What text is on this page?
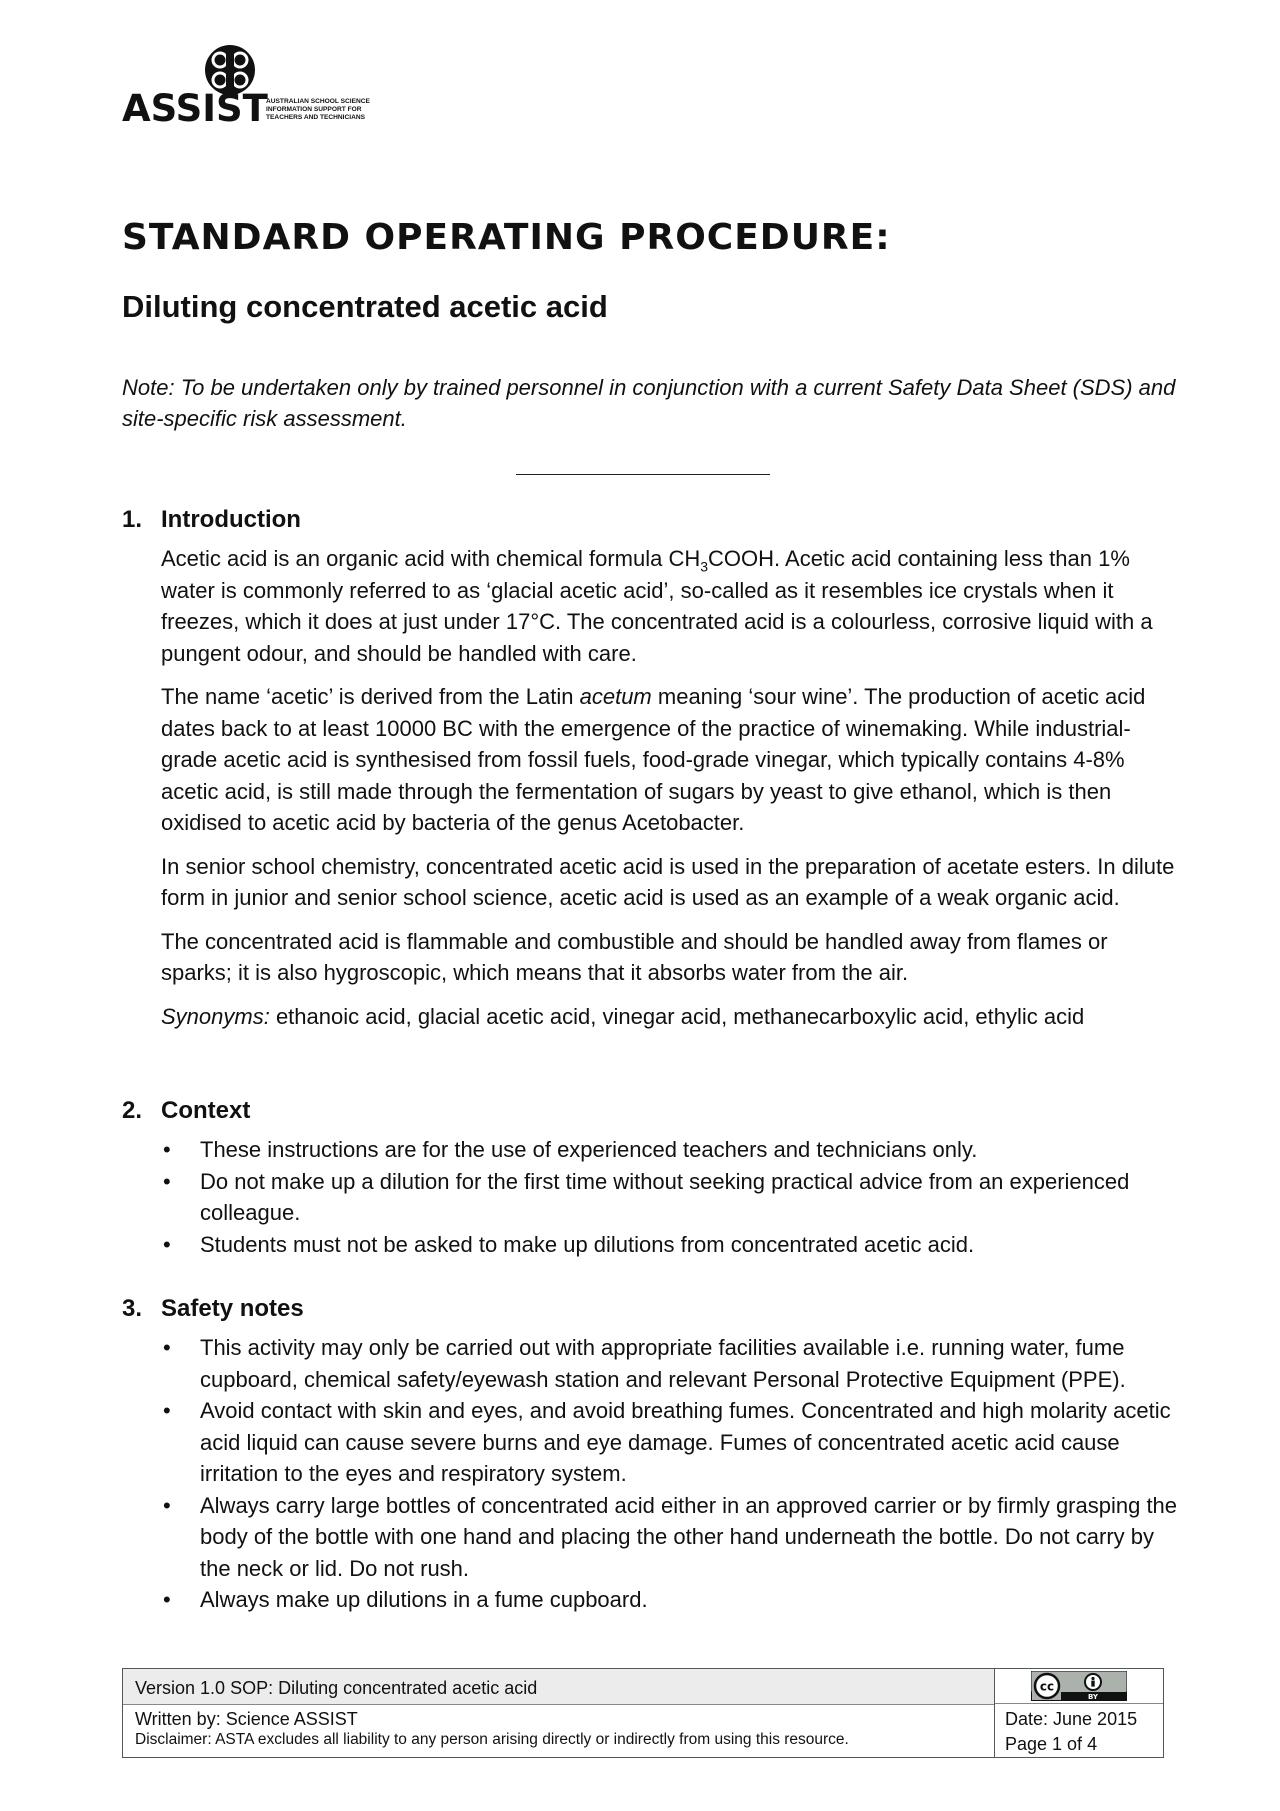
ASSIST
AUSTRALIAN SCHOOL SCIENCE
INFORMATION SUPPORT FOR
TEACHERS AND TECHNICIANS
STANDARD OPERATING PROCEDURE:
Diluting concentrated acetic acid

Note: To be undertaken only by trained personnel in conjunction with a current Safety Data Sheet (SDS) and site-specific risk assessment.

1. Introduction

Acetic acid is an organic acid with chemical formula $CH_3COOH$. Acetic acid containing less than 1% water is commonly referred to as ‘glacial acetic acid’, so-called as it resembles ice crystals when it freezes, which it does at just under 17°C. The concentrated acid is a colourless, corrosive liquid with a pungent odour, and should be handled with care.

The name ‘acetic’ is derived from the Latin acetum meaning ‘sour wine’. The production of acetic acid dates back to at least 10000 BC with the emergence of the practice of winemaking. While industrial-grade acetic acid is synthesised from fossil fuels, food-grade vinegar, which typically contains 4-8% acetic acid, is still made through the fermentation of sugars by yeast to give ethanol, which is then oxidised to acetic acid by bacteria of the genus Acetobacter.

In senior school chemistry, concentrated acetic acid is used in the preparation of acetate esters. In dilute form in junior and senior school science, acetic acid is used as an example of a weak organic acid.

The concentrated acid is flammable and combustible and should be handled away from flames or sparks; it is also hygroscopic, which means that it absorbs water from the air.

Synonyms: ethanoic acid, glacial acetic acid, vinegar acid, methanecarboxylic acid, ethylic acid

2. Context
• These instructions are for the use of experienced teachers and technicians only.
• Do not make up a dilution for the first time without seeking practical advice from an experienced colleague.
• Students must not be asked to make up dilutions from concentrated acetic acid.
3. Safety notes
• This activity may only be carried out with appropriate facilities available i.e. running water, fume cupboard, chemical safety/eyewash station and relevant Personal Protective Equipment (PPE).
• Avoid contact with skin and eyes, and avoid breathing fumes. Concentrated and high molarity acetic acid liquid can cause severe burns and eye damage. Fumes of concentrated acetic acid cause irritation to the eyes and respiratory system.
• Always carry large bottles of concentrated acid either in an approved carrier or by firmly grasping the body of the bottle with one hand and placing the other hand underneath the bottle. Do not carry by the neck or lid. Do not rush.
• Always make up dilutions in a fume cupboard.
Version 1.0 SOP: Diluting concentrated acetic acid
Written by: Science ASSIST
Disclaimer: ASTA excludes all liability to any person arising directly or indirectly from using this resource.
cc
BY
Date: June 2015
Page 1 of 4
